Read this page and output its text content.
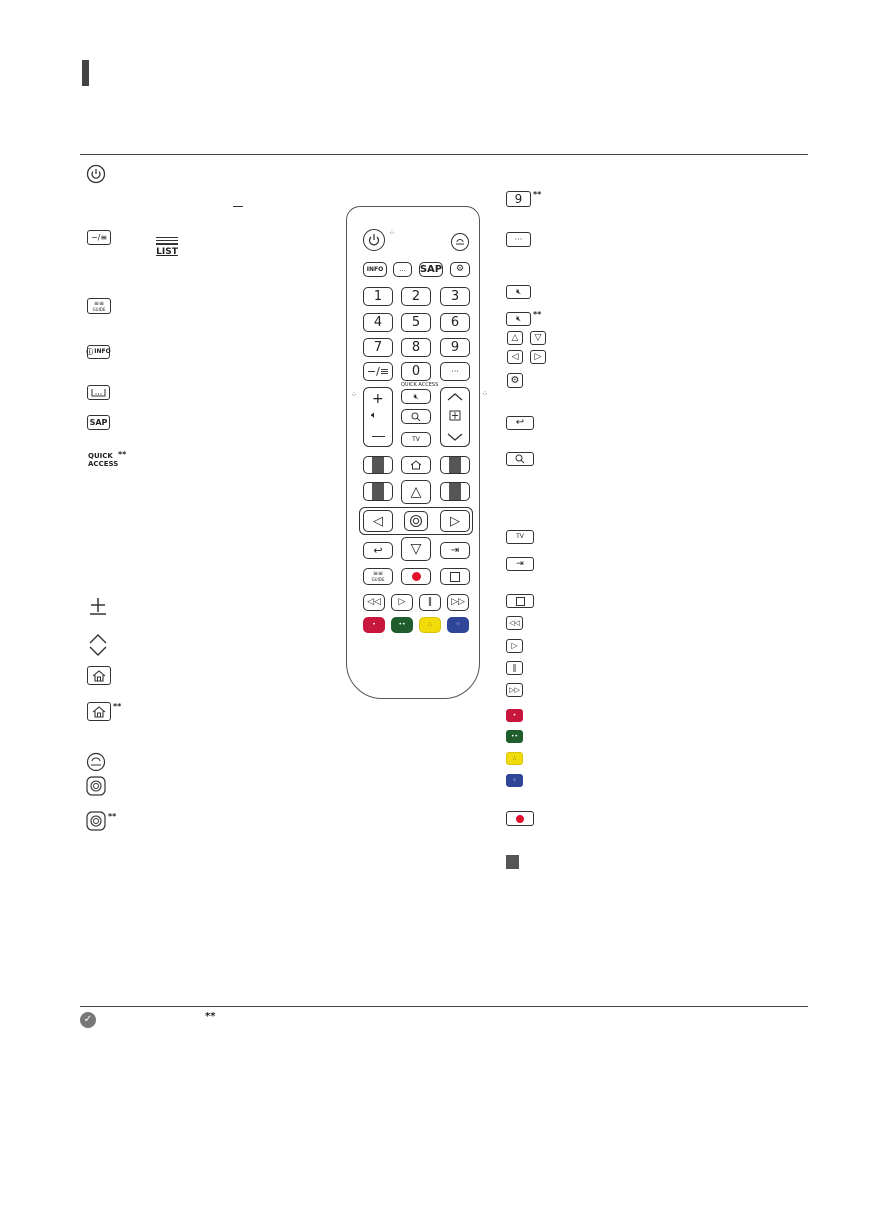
−/≡
LIST
≡≡
GUIDE
ⓘ INFO
SAP
QUICK
ACCESS
**
**
**
⁘
INFO	...	SAP	⚙
1	2	3
4	5	6
7	8	9
−/≡	0	···
QUICK ACCESS
+
🔈︎
🔇︎
TV
△
◁	▷
↩	▽	⇥
≡≡
GUIDE
◁◁	▷	‖	▷▷
•	••	∴	⁘
⁘	⁘
9	**
···
🔇︎
🔇︎	**
△	▽
◁	▷
⚙
↩
TV
⇥
◁◁
▷
‖
▷▷
•
••
∴
⁘
✓	**
